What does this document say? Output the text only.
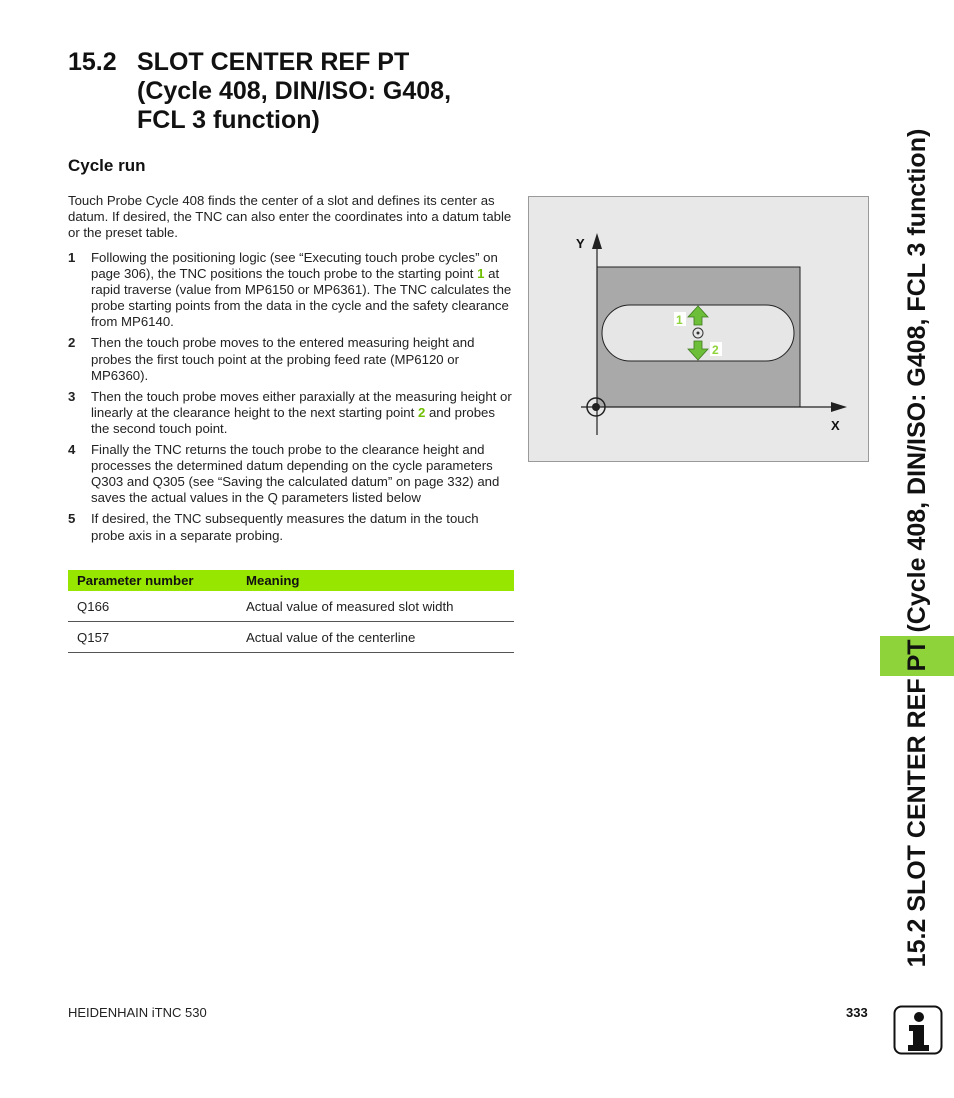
15.2 SLOT CENTER REF PT
(Cycle 408, DIN/ISO: G408,
FCL 3 function)
Cycle run
Touch Probe Cycle 408 finds the center of a slot and defines its center as datum. If desired, the TNC can also enter the coordinates into a datum table or the preset table.
1 Following the positioning logic (see “Executing touch probe cycles” on page 306), the TNC positions the touch probe to the starting point 1 at rapid traverse (value from MP6150 or MP6361). The TNC calculates the probe starting points from the data in the cycle and the safety clearance from MP6140.
2 Then the touch probe moves to the entered measuring height and probes the first touch point at the probing feed rate (MP6120 or MP6360).
3 Then the touch probe moves either paraxially at the measuring height or linearly at the clearance height to the next starting point 2 and probes the second touch point.
4 Finally the TNC returns the touch probe to the clearance height and processes the determined datum depending on the cycle parameters Q303 and Q305 (see “Saving the calculated datum” on page 332) and saves the actual values in the Q parameters listed below
5 If desired, the TNC subsequently measures the datum in the touch probe axis in a separate probing.
Parameter number	Meaning
Q166	Actual value of measured slot width
Q157	Actual value of the centerline
Y
X
1
2	15.2 SLOT CENTER REF PT (Cycle 408, DIN/ISO: G408, FCL 3 function)
HEIDENHAIN iTNC 530	333
